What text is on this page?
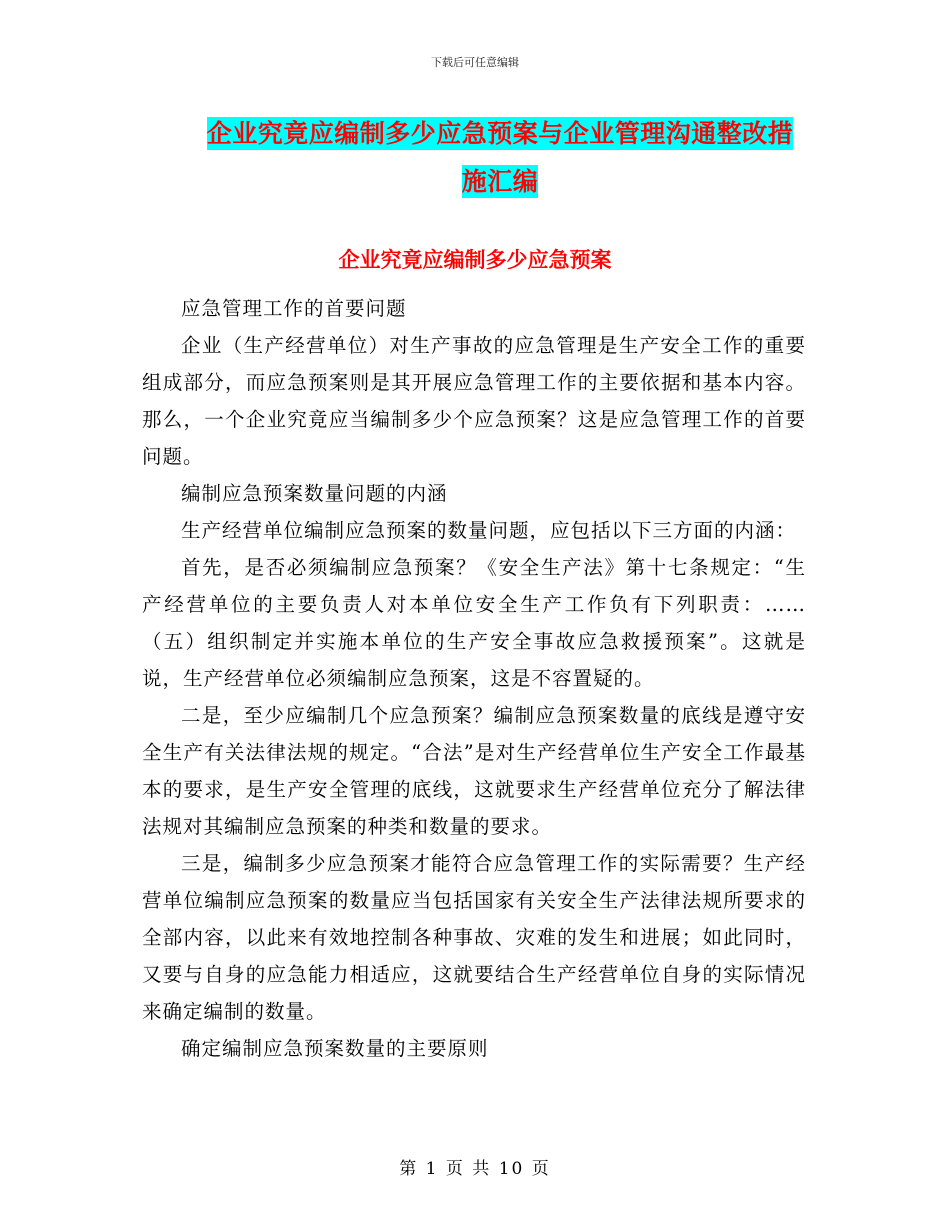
下载后可任意编辑
企业究竟应编制多少应急预案与企业管理沟通整改措
施汇编
企业究竟应编制多少应急预案

应急管理工作的首要问题

企业（生产经营单位）对生产事故的应急管理是生产安全工作的重要组成部分，而应急预案则是其开展应急管理工作的主要依据和基本内容。那么，一个企业究竟应当编制多少个应急预案？这是应急管理工作的首要问题。

编制应急预案数量问题的内涵

生产经营单位编制应急预案的数量问题，应包括以下三方面的内涵：

首先，是否必须编制应急预案？《安全生产法》第十七条规定：“生产经营单位的主要负责人对本单位安全生产工作负有下列职责：……（五）组织制定并实施本单位的生产安全事故应急救援预案”。这就是说，生产经营单位必须编制应急预案，这是不容置疑的。

二是，至少应编制几个应急预案？编制应急预案数量的底线是遵守安全生产有关法律法规的规定。“合法”是对生产经营单位生产安全工作最基本的要求，是生产安全管理的底线，这就要求生产经营单位充分了解法律法规对其编制应急预案的种类和数量的要求。

三是，编制多少应急预案才能符合应急管理工作的实际需要？生产经营单位编制应急预案的数量应当包括国家有关安全生产法律法规所要求的全部内容，以此来有效地控制各种事故、灾难的发生和进展；如此同时，又要与自身的应急能力相适应，这就要结合生产经营单位自身的实际情况来确定编制的数量。

确定编制应急预案数量的主要原则

第 1 页 共 10 页
